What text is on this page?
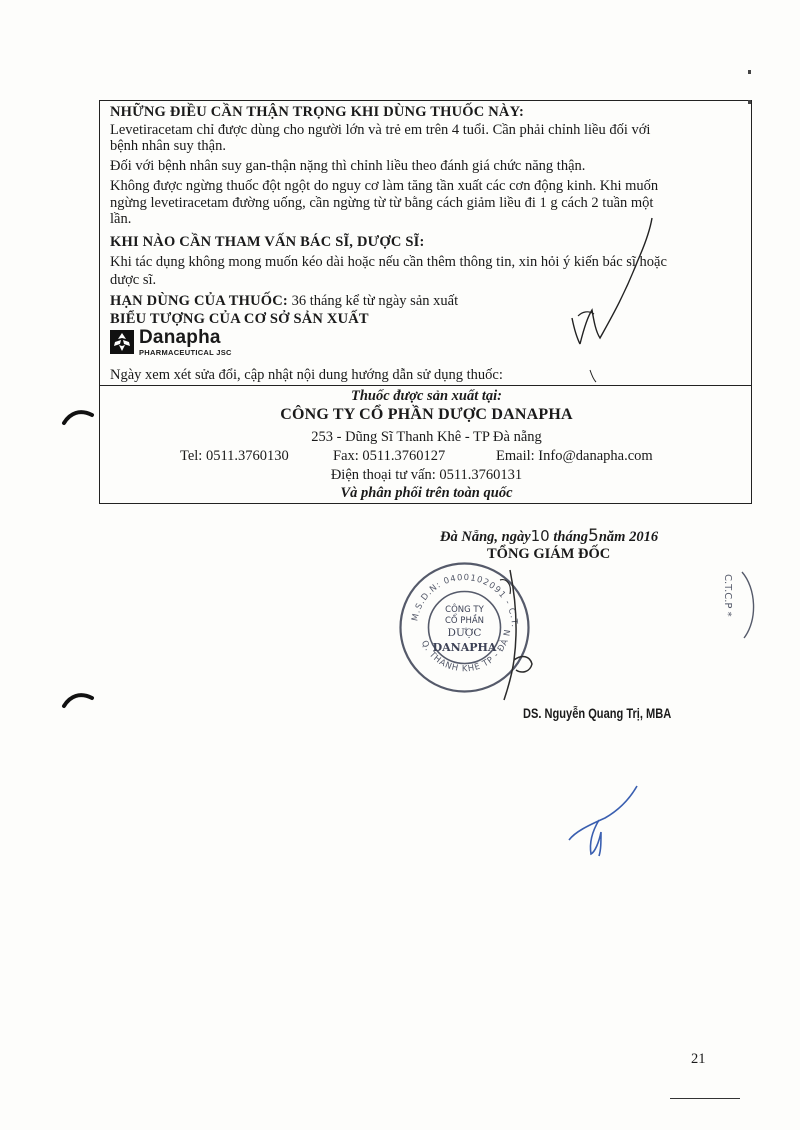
NHỮNG ĐIỀU CẦN THẬN TRỌNG KHI DÙNG THUỐC NÀY:
Levetiracetam chỉ được dùng cho người lớn và trẻ em trên 4 tuổi. Cần phải chỉnh liều đối với
bệnh nhân suy thận.
Đối với bệnh nhân suy gan-thận nặng thì chỉnh liều theo đánh giá chức năng thận.
Không được ngừng thuốc đột ngột do nguy cơ làm tăng tần xuất các cơn động kinh. Khi muốn
ngừng levetiracetam đường uống, cần ngừng từ từ bằng cách giảm liều đi 1 g cách 2 tuần một
lần.
KHI NÀO CẦN THAM VẤN BÁC SĨ, DƯỢC SĨ:
Khi tác dụng không mong muốn kéo dài hoặc nếu cần thêm thông tin, xin hỏi ý kiến bác sĩ hoặc
dược sĩ.
HẠN DÙNG CỦA THUỐC: 36 tháng kể từ ngày sản xuất
BIỂU TƯỢNG CỦA CƠ SỞ SẢN XUẤT
Danapha
PHARMACEUTICAL JSC
Ngày xem xét sửa đổi, cập nhật nội dung hướng dẫn sử dụng thuốc:
Thuốc được sản xuất tại:
CÔNG TY CỔ PHẦN DƯỢC DANAPHA
253 - Dũng Sĩ Thanh Khê - TP Đà nẵng
Tel: 0511.3760130	Fax: 0511.3760127	Email: Info@danapha.com
Điện thoại tư vấn: 0511.3760131
Và phân phối trên toàn quốc
Đà Nẵng, ngày10 tháng5năm 2016
TỔNG GIÁM ĐỐC
M.S.D.N: 0400102091 - C.T.
Q. THANH KHÊ TP - ĐÀ N
CÔNG TY
CỔ PHẦN
DƯỢC
DANAPHA
DS. Nguyễn Quang Trị, MBA
C.T.C.P *
21
